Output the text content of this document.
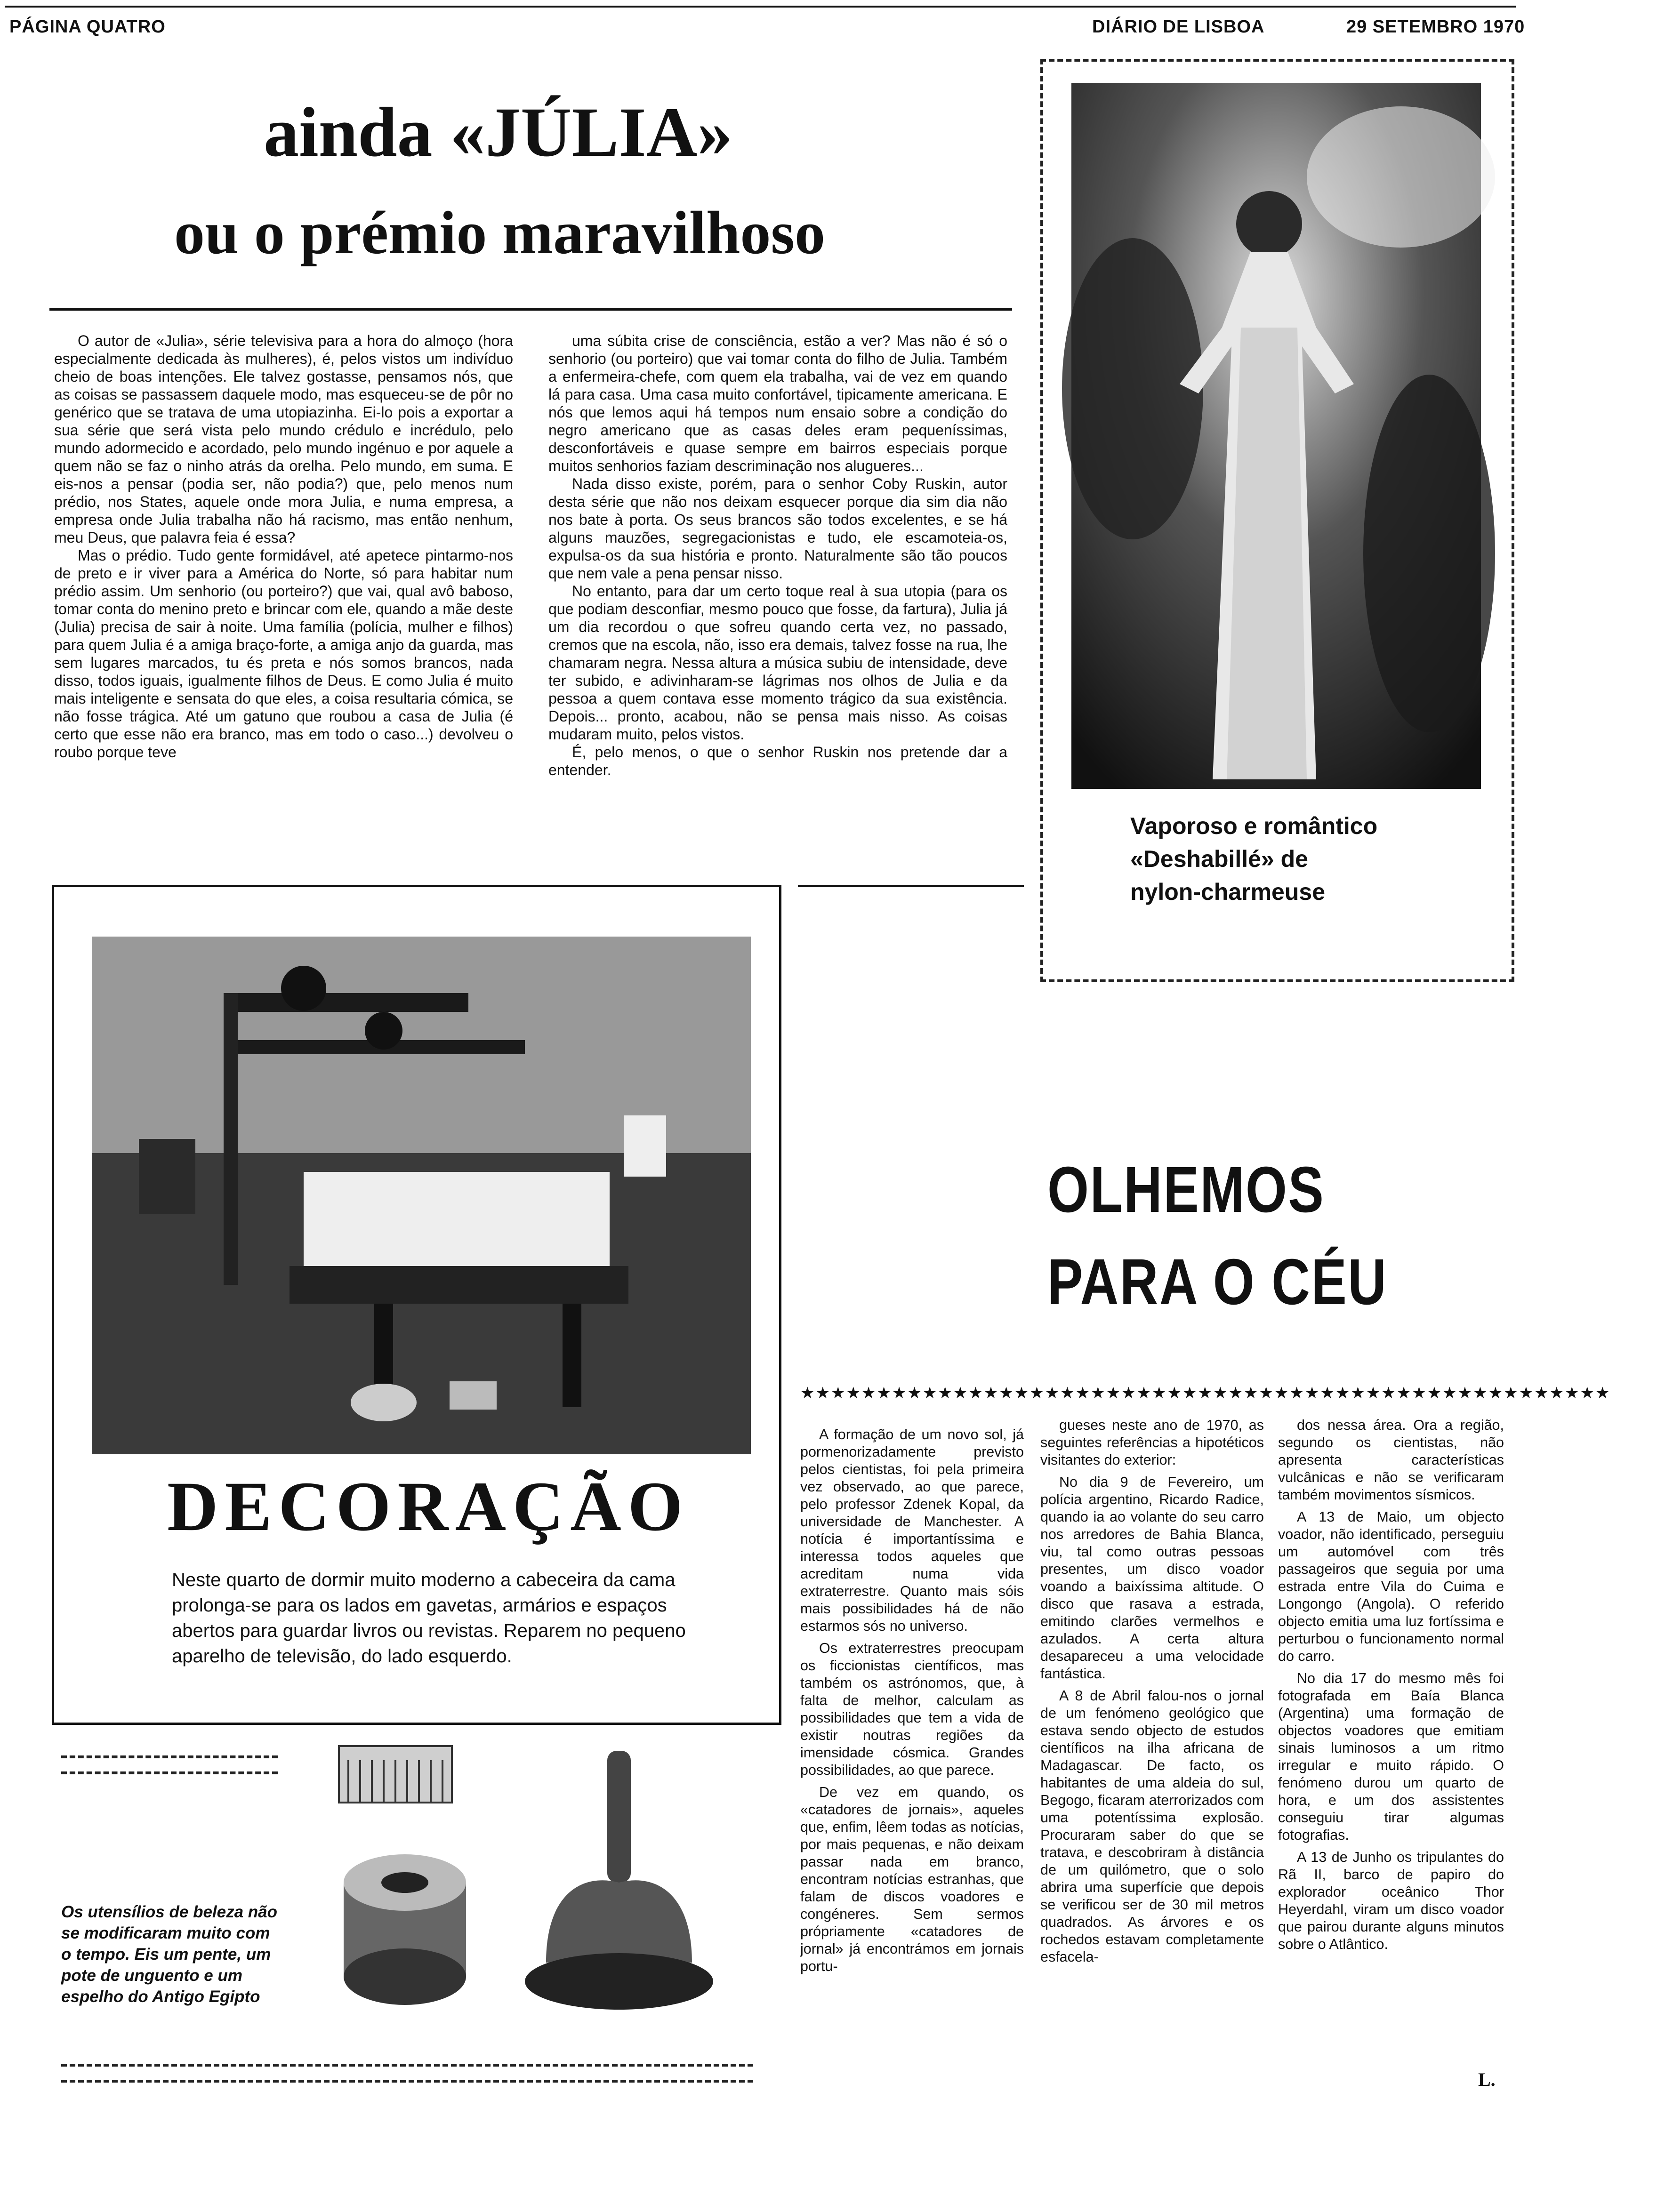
PÁGINA QUATRO	DIÁRIO DE LISBOA	29 SETEMBRO 1970
ainda «JÚLIA»
ou o prémio maravilhoso

O autor de «Julia», série televisiva para a hora do almoço (hora especialmente dedicada às mulheres), é, pelos vistos um indivíduo cheio de boas intenções. Ele talvez gostasse, pensamos nós, que as coisas se passassem daquele modo, mas esqueceu-se de pôr no genérico que se tratava de uma utopiazinha. Ei-lo pois a exportar a sua série que será vista pelo mundo crédulo e incrédulo, pelo mundo adormecido e acordado, pelo mundo ingénuo e por aquele a quem não se faz o ninho atrás da orelha. Pelo mundo, em suma. E eis-nos a pensar (podia ser, não podia?) que, pelo menos num prédio, nos States, aquele onde mora Julia, e numa empresa, a empresa onde Julia trabalha não há racismo, mas então nenhum, meu Deus, que palavra feia é essa?

Mas o prédio. Tudo gente formidável, até apetece pintarmo-nos de preto e ir viver para a América do Norte, só para habitar num prédio assim. Um senhorio (ou porteiro?) que vai, qual avô baboso, tomar conta do menino preto e brincar com ele, quando a mãe deste (Julia) precisa de sair à noite. Uma família (polícia, mulher e filhos) para quem Julia é a amiga braço-forte, a amiga anjo da guarda, mas sem lugares marcados, tu és preta e nós somos brancos, nada disso, todos iguais, igualmente filhos de Deus. E como Julia é muito mais inteligente e sensata do que eles, a coisa resultaria cómica, se não fosse trágica. Até um gatuno que roubou a casa de Julia (é certo que esse não era branco, mas em todo o caso...) devolveu o roubo porque teve

uma súbita crise de consciência, estão a ver? Mas não é só o senhorio (ou porteiro) que vai tomar conta do filho de Julia. Também a enfermeira-chefe, com quem ela trabalha, vai de vez em quando lá para casa. Uma casa muito confortável, tipicamente americana. E nós que lemos aqui há tempos num ensaio sobre a condição do negro americano que as casas deles eram pequeníssimas, desconfortáveis e quase sempre em bairros especiais porque muitos senhorios faziam descriminação nos alugueres...

Nada disso existe, porém, para o senhor Coby Ruskin, autor desta série que não nos deixam esquecer porque dia sim dia não nos bate à porta. Os seus brancos são todos excelentes, e se há alguns mauzões, segregacionistas e tudo, ele escamoteia-os, expulsa-os da sua história e pronto. Naturalmente são tão poucos que nem vale a pena pensar nisso.

No entanto, para dar um certo toque real à sua utopia (para os que podiam desconfiar, mesmo pouco que fosse, da fartura), Julia já um dia recordou o que sofreu quando certa vez, no passado, cremos que na escola, não, isso era demais, talvez fosse na rua, lhe chamaram negra. Nessa altura a música subiu de intensidade, deve ter subido, e adivinharam-se lágrimas nos olhos de Julia e da pessoa a quem contava esse momento trágico da sua existência. Depois... pronto, acabou, não se pensa mais nisso. As coisas mudaram muito, pelos vistos.

É, pelo menos, o que o senhor Ruskin nos pretende dar a entender.

Vaporoso e romântico
«Deshabillé» de
nylon-charmeuse
DECORAÇÃO
Neste quarto de dormir muito moderno a cabeceira da cama prolonga-se para os lados em gavetas, armários e espaços abertos para guardar livros ou revistas. Reparem no pequeno aparelho de televisão, do lado esquerdo.
Os utensílios de beleza não se modificaram muito com o tempo. Eis um pente, um pote de unguento e um espelho do Antigo Egipto
OLHEMOS
PARA O CÉU
★★★★★★★★★★★★★★★★★★★★★★★★★★★★★★★★★★★★★★★★★★★★★★★★★★★★★

A formação de um novo sol, já pormenorizadamente previsto pelos cientistas, foi pela primeira vez observado, ao que parece, pelo professor Zdenek Kopal, da universidade de Manchester. A notícia é importantíssima e interessa todos aqueles que acreditam numa vida extraterrestre. Quanto mais sóis mais possibilidades há de não estarmos sós no universo.

Os extraterrestres preocupam os ficcionistas científicos, mas também os astrónomos, que, à falta de melhor, calculam as possibilidades que tem a vida de existir noutras regiões da imensidade cósmica. Grandes possibilidades, ao que parece.

De vez em quando, os «catadores de jornais», aqueles que, enfim, lêem todas as notícias, por mais pequenas, e não deixam passar nada em branco, encontram notícias estranhas, que falam de discos voadores e congéneres. Sem sermos própriamente «catadores de jornal» já encontrámos em jornais portu-

gueses neste ano de 1970, as seguintes referências a hipotéticos visitantes do exterior:

No dia 9 de Fevereiro, um polícia argentino, Ricardo Radice, quando ia ao volante do seu carro nos arredores de Bahia Blanca, viu, tal como outras pessoas presentes, um disco voador voando a baixíssima altitude. O disco que rasava a estrada, emitindo clarões vermelhos e azulados. A certa altura desapareceu a uma velocidade fantástica.

A 8 de Abril falou-nos o jornal de um fenómeno geológico que estava sendo objecto de estudos científicos na ilha africana de Madagascar. De facto, os habitantes de uma aldeia do sul, Begogo, ficaram aterrorizados com uma potentíssima explosão. Procuraram saber do que se tratava, e descobriram à distância de um quilómetro, que o solo abrira uma superfície que depois se verificou ser de 30 mil metros quadrados. As árvores e os rochedos estavam completamente esfacela-

dos nessa área. Ora a região, segundo os cientistas, não apresenta características vulcânicas e não se verificaram também movimentos sísmicos.

A 13 de Maio, um objecto voador, não identificado, perseguiu um automóvel com três passageiros que seguia por uma estrada entre Vila do Cuima e Longongo (Angola). O referido objecto emitia uma luz fortíssima e perturbou o funcionamento normal do carro.

No dia 17 do mesmo mês foi fotografada em Baía Blanca (Argentina) uma formação de objectos voadores que emitiam sinais luminosos a um ritmo irregular e muito rápido. O fenómeno durou um quarto de hora, e um dos assistentes conseguiu tirar algumas fotografias.

A 13 de Junho os tripulantes do Rã II, barco de papiro do explorador oceânico Thor Heyerdahl, viram um disco voador que pairou durante alguns minutos sobre o Atlântico.

L.
